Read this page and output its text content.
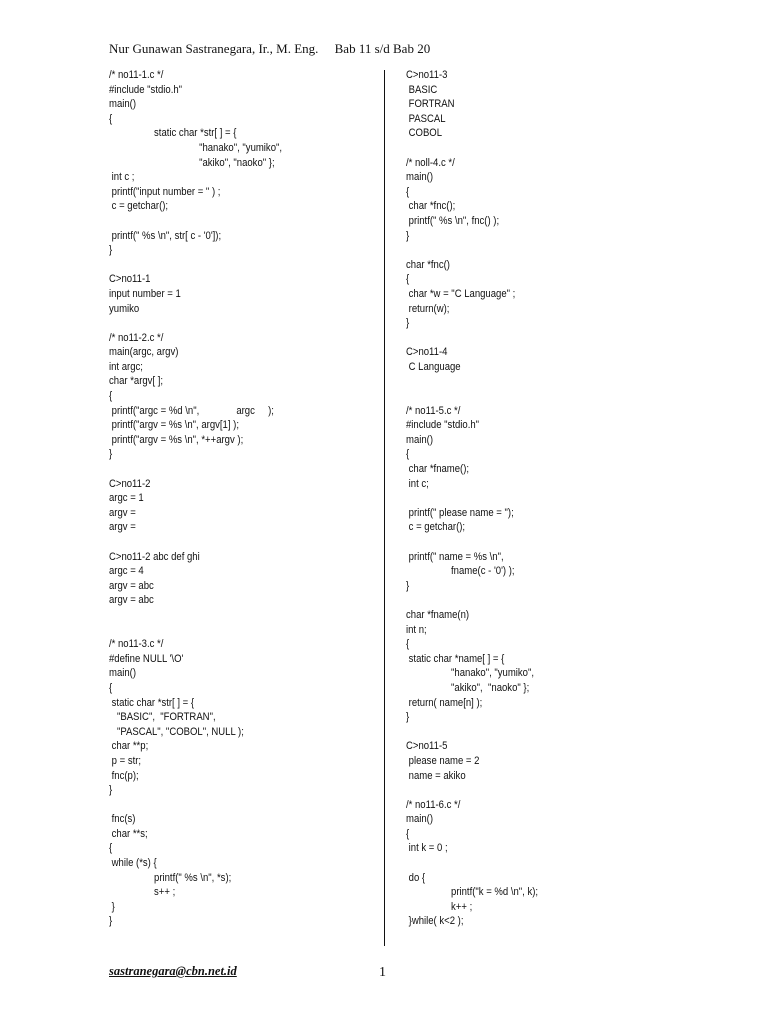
Nur Gunawan Sastranegara, Ir., M. Eng.     Bab 11 s/d Bab 20
/* no11-1.c */
#include "stdio.h"
main()
{
static char *str[ ] = {
"hanako", "yumiko",
"akiko", "naoko" };
int c ;
printf("input number = " ) ;
c = getchar();

printf(" %s \n", str[ c - '0']);
}

C>no11-1
input number = 1
yumiko

/* no11-2.c */
main(argc, argv)
int argc;
char *argv[ ];
{
printf("argc = %d \n",              argc     );
printf("argv = %s \n", argv[1] );
printf("argv = %s \n", *++argv );
}

C>no11-2
argc = 1
argv =
argv =

C>no11-2 abc def ghi
argc = 4
argv = abc
argv = abc

/* no11-3.c */
#define NULL '\O'
main()
{
static char *str[ ] = {
"BASIC",  "FORTRAN",
"PASCAL", "COBOL", NULL );
char **p;
p = str;
fnc(p);
}

fnc(s)
char **s;
{
while (*s) {
printf(" %s \n", *s);
s++ ;
}
}
C>no11-3
BASIC
FORTRAN
PASCAL
COBOL

/* noll-4.c */
main()
{
char *fnc();
printf(" %s \n", fnc() );
}

char *fnc()
{
char *w = "C Language" ;
return(w);
}

C>no11-4
C Language

/* no11-5.c */
#include "stdio.h"
main()
{
char *fname();
int c;

printf(" please name = ");
c = getchar();

printf(" name = %s \n",
fname(c - '0') );
}

char *fname(n)
int n;
{
static char *name[ ] = {
"hanako", "yumiko",
"akiko",  "naoko" };
return( name[n] );
}

C>no11-5
please name = 2
name = akiko

/* no11-6.c */
main()
{
int k = 0 ;

do {
printf("k = %d \n", k);
k++ ;
}while( k<2 );
sastranegara@cbn.net.id	1
